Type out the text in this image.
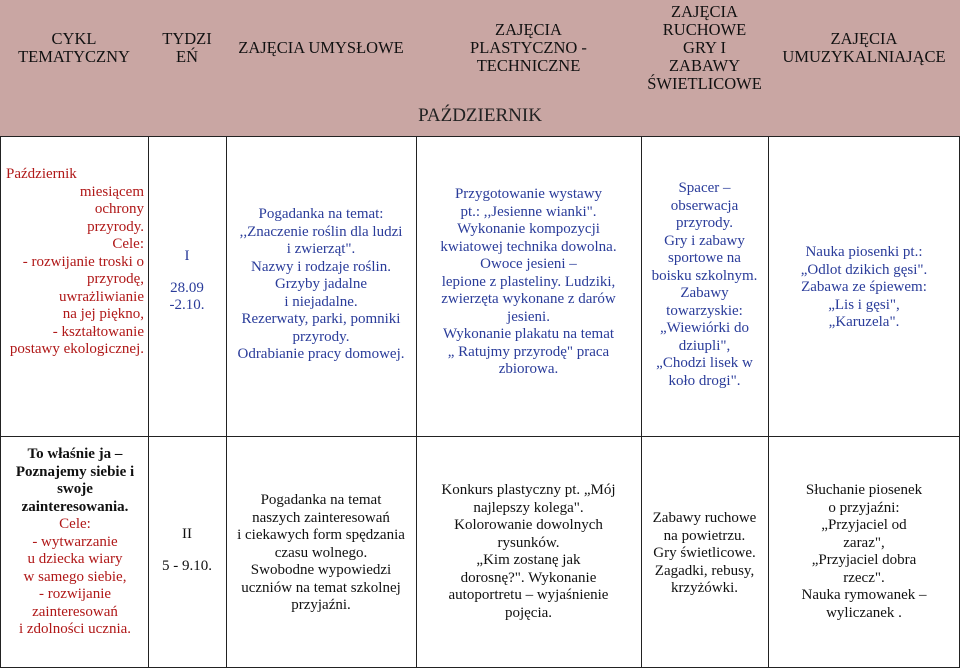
CYKL
TEMATYCZNY
TYDZI
EŃ	ZAJĘCIA UMYSŁOWE
ZAJĘCIA
PLASTYCZNO -
TECHNICZNE
ZAJĘCIA
RUCHOWE
GRY I
ZABAWY
ŚWIETLICOWE
ZAJĘCIA
UMUZYKALNIAJĄCE
PAŹDZIERNIK
Październik
miesiącem
ochrony
przyrody.
Cele:
- rozwijanie troski o
przyrodę,
uwrażliwianie
na jej piękno,
- kształtowanie
postawy ekologicznej.
I
28.09
-2.10.
Pogadanka na temat:
,,Znaczenie roślin dla ludzi
i zwierząt".
Nazwy i rodzaje roślin.
Grzyby jadalne
i niejadalne.
Rezerwaty, parki, pomniki
przyrody.
Odrabianie pracy domowej.
Przygotowanie wystawy
pt.: ,,Jesienne wianki".
Wykonanie kompozycji
kwiatowej technika dowolna.
Owoce jesieni –
lepione z plasteliny. Ludziki,
zwierzęta wykonane z darów
jesieni.
Wykonanie plakatu na temat
„ Ratujmy przyrodę" praca
zbiorowa.
Spacer –
obserwacja
przyrody.
Gry i zabawy
sportowe na
boisku szkolnym.
Zabawy
towarzyskie:
„Wiewiórki do
dziupli",
„Chodzi lisek w
koło drogi".
Nauka piosenki pt.:
„Odlot dzikich gęsi".
Zabawa ze śpiewem:
„Lis i gęsi",
„Karuzela".
To właśnie ja –
Poznajemy siebie i
swoje
zainteresowania.
Cele:
- wytwarzanie
u dziecka wiary
w samego siebie,
- rozwijanie
zainteresowań
i zdolności ucznia.
II
5 - 9.10.
Pogadanka na temat
naszych zainteresowań
i ciekawych form spędzania
czasu wolnego.
Swobodne wypowiedzi
uczniów na temat szkolnej
przyjaźni.
Konkurs plastyczny pt. „Mój
najlepszy kolega".
Kolorowanie dowolnych
rysunków.
„Kim zostanę jak
dorosnę?". Wykonanie
autoportretu – wyjaśnienie
pojęcia.
Zabawy ruchowe
na powietrzu.
Gry świetlicowe.
Zagadki, rebusy,
krzyżówki.
Słuchanie piosenek
o przyjaźni:
„Przyjaciel od
zaraz",
„Przyjaciel dobra
rzecz".
Nauka rymowanek –
wyliczanek .
